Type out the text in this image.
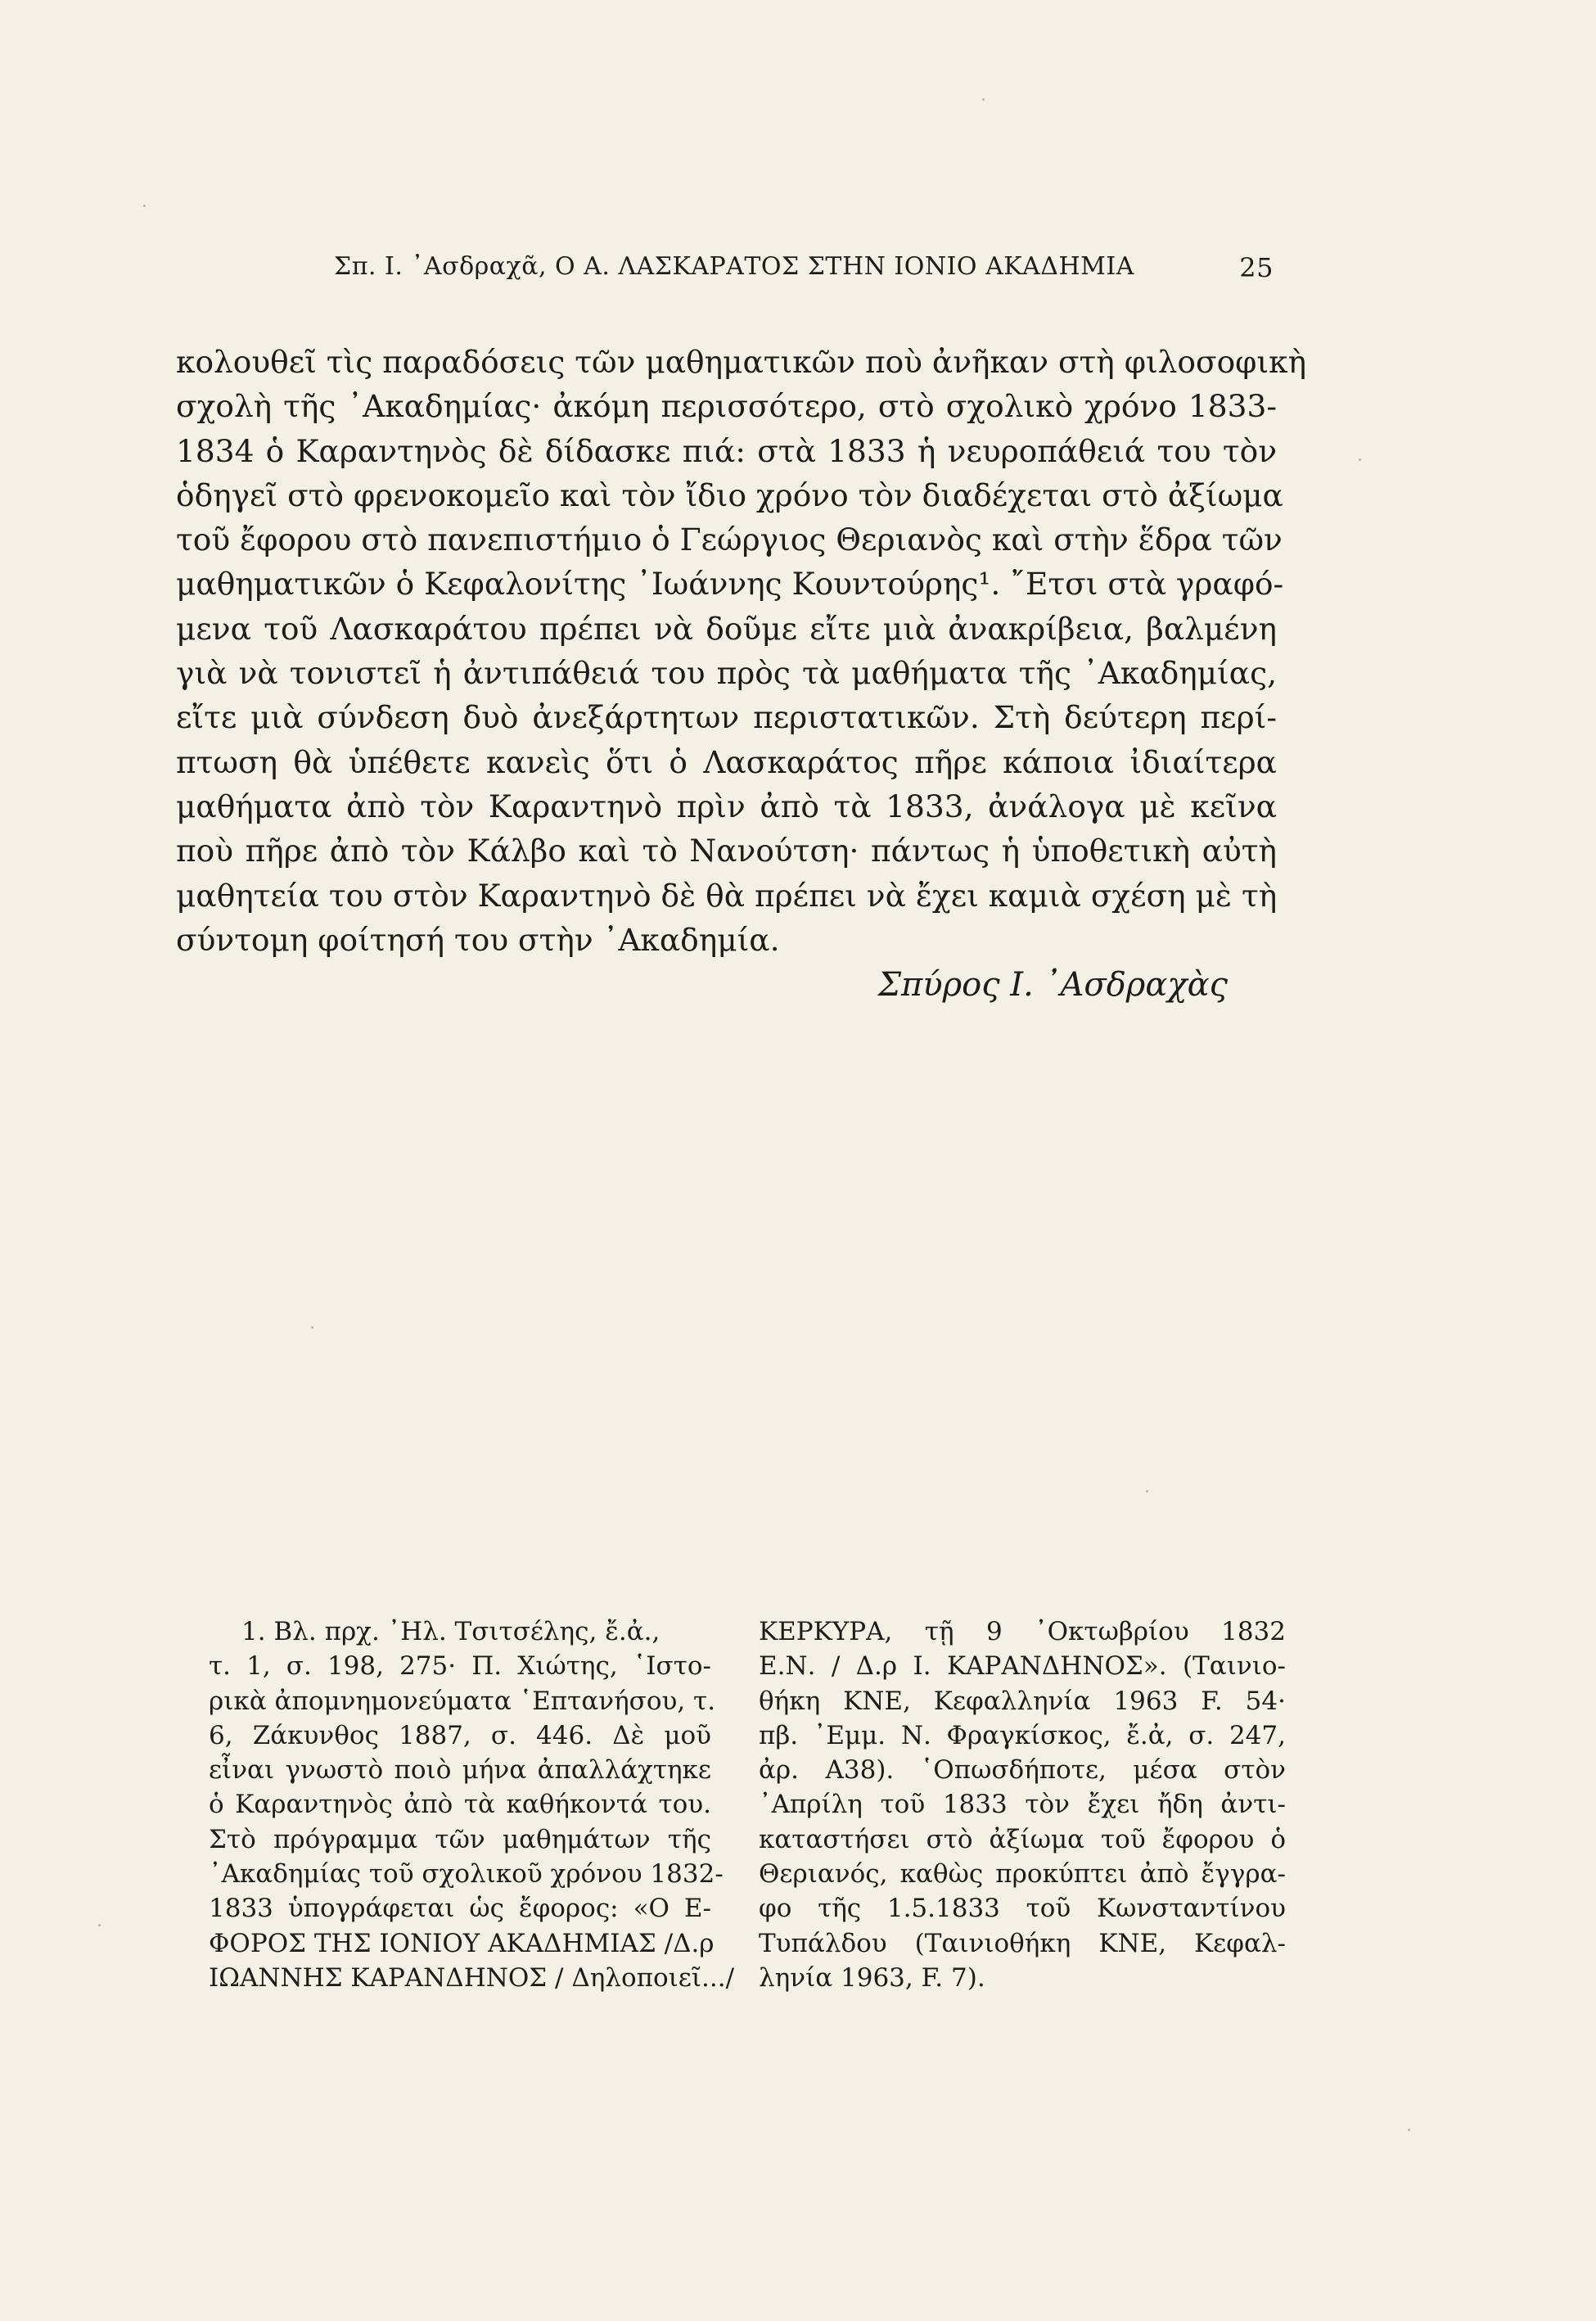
Σπ. Ι. ᾿Ασδραχᾶ, Ο Α. ΛΑΣΚΑΡΑΤΟΣ ΣΤΗΝ ΙΟΝΙΟ ΑΚΑΔΗΜΙΑ	25
κολουθεῖ τὶς παραδόσεις τῶν μαθηματικῶν ποὺ ἀνῆκαν στὴ φιλοσοφικὴ
σχολὴ τῆς ᾿Ακαδημίας· ἀκόμη περισσότερο, στὸ σχολικὸ χρόνο 1833-
1834 ὁ Καραντηνὸς δὲ δίδασκε πιά: στὰ 1833 ἡ νευροπάθειά του τὸν
ὁδηγεῖ στὸ φρενοκομεῖο καὶ τὸν ἴδιο χρόνο τὸν διαδέχεται στὸ ἀξίωμα
τοῦ ἔφορου στὸ πανεπιστήμιο ὁ Γεώργιος Θεριανὸς καὶ στὴν ἕδρα τῶν
μαθηματικῶν ὁ Κεφαλονίτης ᾿Ιωάννης Κουντούρης¹. ῎Ετσι στὰ γραφό-
μενα τοῦ Λασκαράτου πρέπει νὰ δοῦμε εἴτε μιὰ ἀνακρίβεια, βαλμένη
γιὰ νὰ τονιστεῖ ἡ ἀντιπάθειά του πρὸς τὰ μαθήματα τῆς ᾿Ακαδημίας,
εἴτε μιὰ σύνδεση δυὸ ἀνεξάρτητων περιστατικῶν. Στὴ δεύτερη περί-
πτωση θὰ ὑπέθετε κανεὶς ὅτι ὁ Λασκαράτος πῆρε κάποια ἰδιαίτερα
μαθήματα ἀπὸ τὸν Καραντηνὸ πρὶν ἀπὸ τὰ 1833, ἀνάλογα μὲ κεῖνα
ποὺ πῆρε ἀπὸ τὸν Κάλβο καὶ τὸ Νανούτση· πάντως ἡ ὑποθετικὴ αὐτὴ
μαθητεία του στὸν Καραντηνὸ δὲ θὰ πρέπει νὰ ἔχει καμιὰ σχέση μὲ τὴ
σύντομη φοίτησή του στὴν ᾿Ακαδημία.
Σπύρος Ι. ᾿Ασδραχὰς
1. Βλ. πρχ. ᾿Ηλ. Τσιτσέλης, ἔ.ἀ.,
τ. 1, σ. 198, 275· Π. Χιώτης, ῾Ιστο-
ρικὰ ἀπομνημονεύματα ῾Επτανήσου, τ.
6, Ζάκυνθος 1887, σ. 446. Δὲ μοῦ
εἶναι γνωστὸ ποιὸ μήνα ἀπαλλάχτηκε
ὁ Καραντηνὸς ἀπὸ τὰ καθήκοντά του.
Στὸ πρόγραμμα τῶν μαθημάτων τῆς
᾿Ακαδημίας τοῦ σχολικοῦ χρόνου 1832-
1833 ὑπογράφεται ὡς ἔφορος: «Ο Ε-
ΦΟΡΟΣ ΤΗΣ ΙΟΝΙΟΥ ΑΚΑΔΗΜΙΑΣ /Δ.ρ
ΙΩΑΝΝΗΣ ΚΑΡΑΝΔΗΝΟΣ / Δηλοποιεῖ.../
ΚΕΡΚΥΡΑ, τῇ 9 ᾿Οκτωβρίου 1832
Ε.Ν. / Δ.ρ Ι. ΚΑΡΑΝΔΗΝΟΣ». (Ταινιο-
θήκη ΚΝΕ, Κεφαλληνία 1963 F. 54·
πβ. ᾿Εμμ. Ν. Φραγκίσκος, ἔ.ἀ, σ. 247,
ἀρ. Α38). ῾Οπωσδήποτε, μέσα στὸν
᾿Απρίλη τοῦ 1833 τὸν ἔχει ἤδη ἀντι-
καταστήσει στὸ ἀξίωμα τοῦ ἔφορου ὁ
Θεριανός, καθὼς προκύπτει ἀπὸ ἔγγρα-
φο τῆς 1.5.1833 τοῦ Κωνσταντίνου
Τυπάλδου (Ταινιοθήκη ΚΝΕ, Κεφαλ-
ληνία 1963, F. 7).
